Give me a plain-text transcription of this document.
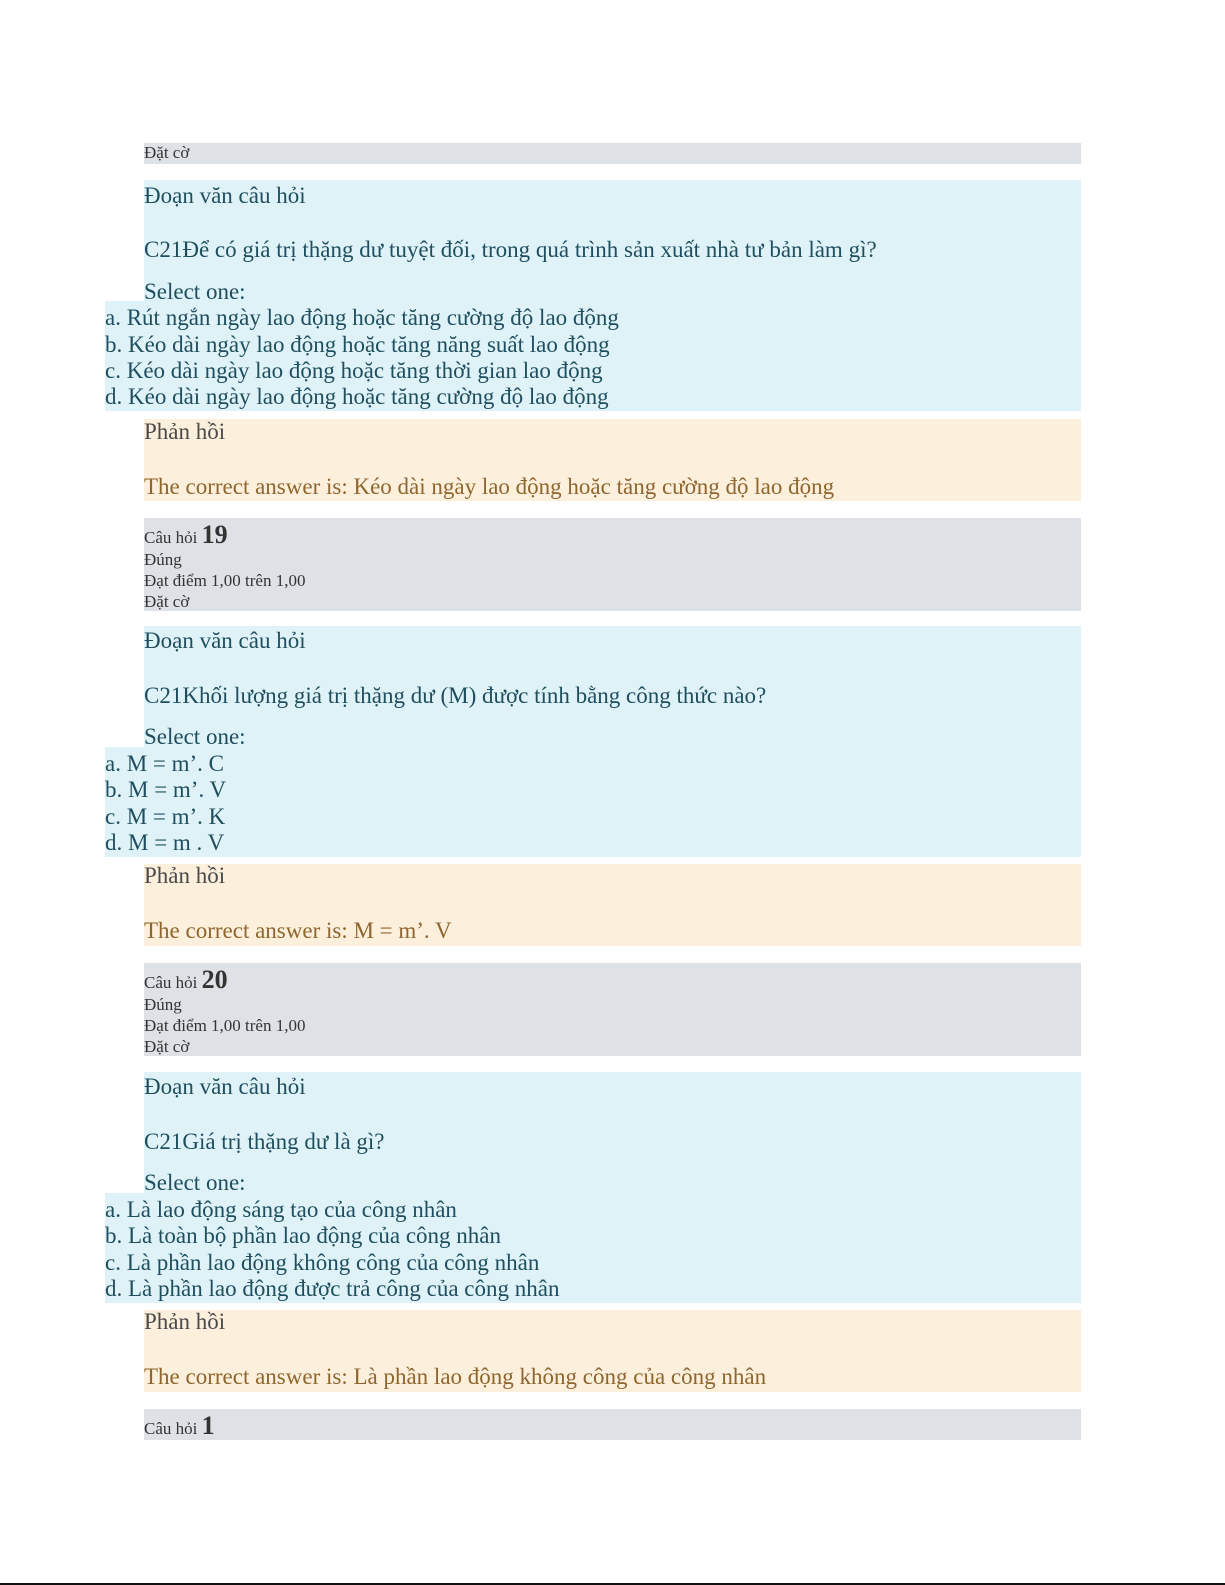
Đặt cờ
Đoạn văn câu hỏi
C21Để có giá trị thặng dư tuyệt đối, trong quá trình sản xuất nhà tư bản làm gì?
Select one:
a. Rút ngắn ngày lao động hoặc tăng cường độ lao động
b. Kéo dài ngày lao động hoặc tăng năng suất lao động
c. Kéo dài ngày lao động hoặc tăng thời gian lao động
d. Kéo dài ngày lao động hoặc tăng cường độ lao động
Phản hồi
The correct answer is: Kéo dài ngày lao động hoặc tăng cường độ lao động
Câu hỏi 19
Đúng
Đạt điểm 1,00 trên 1,00
Đặt cờ
Đoạn văn câu hỏi
C21Khối lượng giá trị thặng dư (M) được tính bằng công thức nào?
Select one:
a. M = m’. C
b. M = m’. V
c. M = m’. K
d. M = m . V
Phản hồi
The correct answer is: M = m’. V
Câu hỏi 20
Đúng
Đạt điểm 1,00 trên 1,00
Đặt cờ
Đoạn văn câu hỏi
C21Giá trị thặng dư là gì?
Select one:
a. Là lao động sáng tạo của công nhân
b. Là toàn bộ phần lao động của công nhân
c. Là phần lao động không công của công nhân
d. Là phần lao động được trả công của công nhân
Phản hồi
The correct answer is: Là phần lao động không công của công nhân
Câu hỏi 1
